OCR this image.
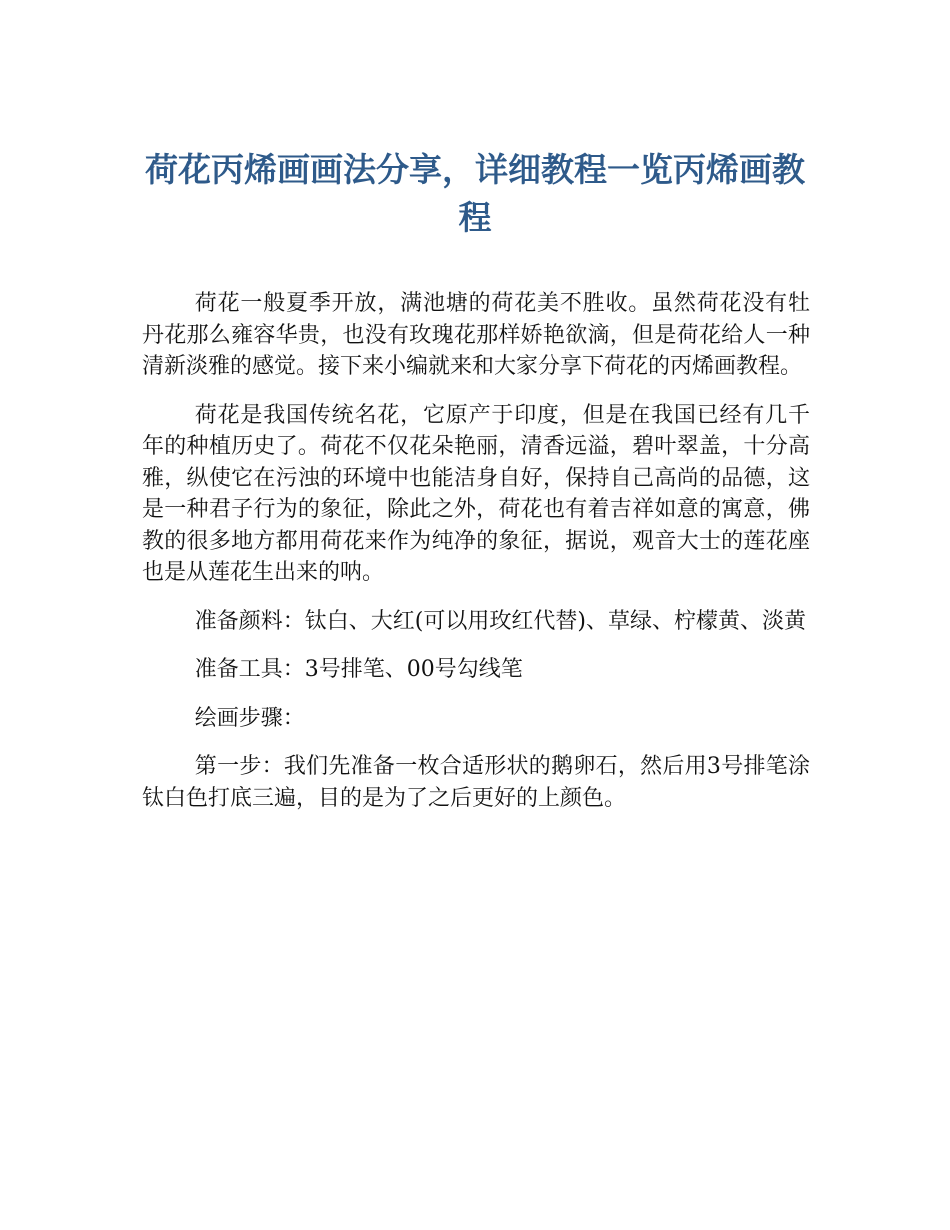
荷花丙烯画画法分享，详细教程一览丙烯画教程

荷花一般夏季开放，满池塘的荷花美不胜收。虽然荷花没有牡丹花那么雍容华贵，也没有玫瑰花那样娇艳欲滴，但是荷花给人一种清新淡雅的感觉。接下来小编就来和大家分享下荷花的丙烯画教程。

荷花是我国传统名花，它原产于印度，但是在我国已经有几千年的种植历史了。荷花不仅花朵艳丽，清香远溢，碧叶翠盖，十分高雅，纵使它在污浊的环境中也能洁身自好，保持自己高尚的品德，这是一种君子行为的象征，除此之外，荷花也有着吉祥如意的寓意，佛教的很多地方都用荷花来作为纯净的象征，据说，观音大士的莲花座也是从莲花生出来的呐。

准备颜料：钛白、大红(可以用玫红代替)、草绿、柠檬黄、淡黄

准备工具：3号排笔、00号勾线笔

绘画步骤：

第一步：我们先准备一枚合适形状的鹅卵石，然后用3号排笔涂钛白色打底三遍，目的是为了之后更好的上颜色。
